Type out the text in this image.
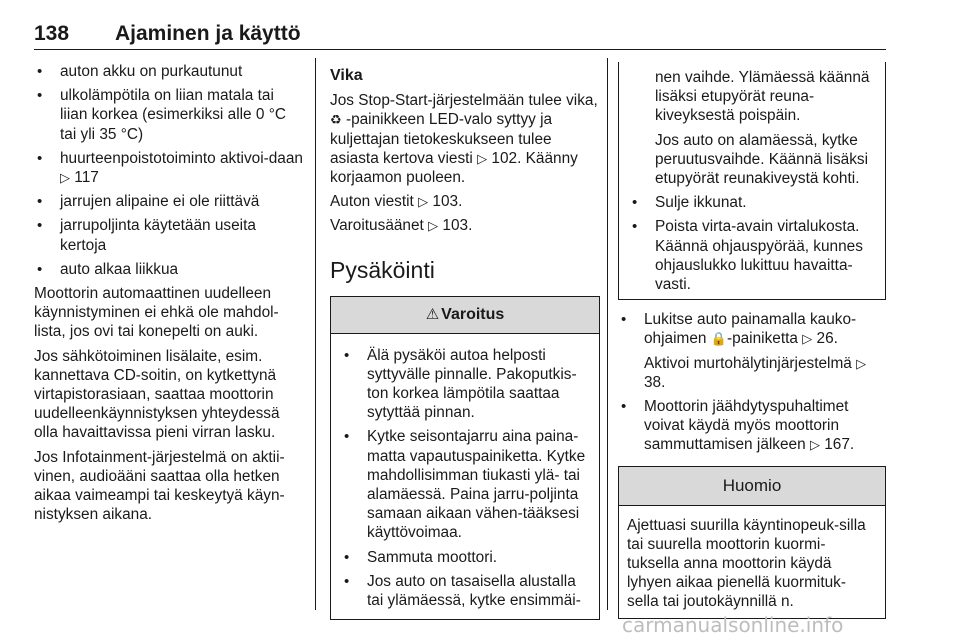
138 Ajaminen ja käyttö
• auton akku on purkautunut
• ulkolämpötila on liian matala tai liian korkea (esimerkiksi alle 0 °C tai yli 35 °C)
• huurteenpoistotoiminto aktivoi-daan ▷ 117
• jarrujen alipaine ei ole riittävä
• jarrupoljinta käytetään useita kertoja
• auto alkaa liikkua

Moottorin automaattinen uudelleen käynnistyminen ei ehkä ole mahdol-lista, jos ovi tai konepelti on auki.

Jos sähkötoiminen lisälaite, esim. kannettava CD-soitin, on kytkettynä virtapistorasiaan, saattaa moottorin uudelleenkäynnistyksen yhteydessä olla havaittavissa pieni virran lasku.

Jos Infotainment-järjestelmä on aktii-vinen, audioääni saattaa olla hetken aikaa vaimeampi tai keskeytyä käyn-nistyksen aikana.

Vika

Jos Stop-Start-järjestelmään tulee vika, ♻ -painikkeen LED-valo syttyy ja kuljettajan tietokeskukseen tulee asiasta kertova viesti ▷ 102. Käänny korjaamon puoleen.

Auton viestit ▷ 103.

Varoitusäänet ▷ 103.

Pysäköinti
⚠ Varoitus
• Älä pysäköi autoa helposti syttyvälle pinnalle. Pakoputkis-ton korkea lämpötila saattaa sytyttää pinnan.
• Kytke seisontajarru aina paina-matta vapautuspainiketta. Kytke mahdollisimman tiukasti ylä- tai alamäessä. Paina jarru-poljinta samaan aikaan vähen-tääksesi käyttövoimaa.
• Sammuta moottori.
• Jos auto on tasaisella alustalla tai ylämäessä, kytke ensimmäi-

nen vaihde. Ylämäessä käännä lisäksi etupyörät reuna-kiveyksestä poispäin.

Jos auto on alamäessä, kytke peruutusvaihde. Käännä lisäksi etupyörät reunakiveystä kohti.

• Sulje ikkunat.
• Poista virta-avain virtalukosta. Käännä ohjauspyörää, kunnes ohjauslukko lukittuu havaitta-vasti.
• Lukitse auto painamalla kauko-ohjaimen 🔒-painiketta ▷ 26.

Aktivoi murtohälytinjärjestelmä ▷ 38.

• Moottorin jäähdytyspuhaltimet voivat käydä myös moottorin sammuttamisen jälkeen ▷ 167.
Huomio
Ajettuasi suurilla käyntinopeuk-silla tai suurella moottorin kuormi-tuksella anna moottorin käydä lyhyen aikaa pienellä kuormituk-sella tai joutokäynnillä n.
carmanualsonline.info
